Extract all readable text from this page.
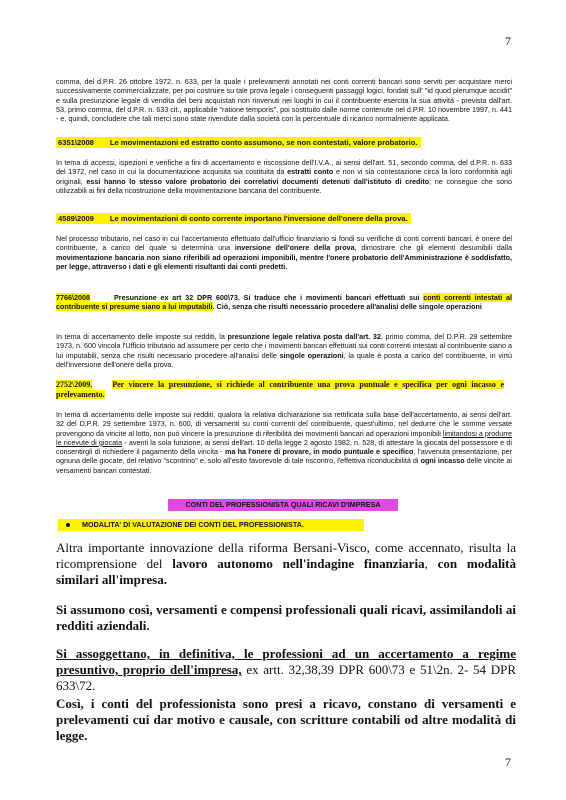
7

comma, del d.P.R. 26 ottobre 1972, n. 633, per la quale i prelevamenti annotati nei conti correnti bancari sono serviti per acquistare merci successivamente commercializzate, per poi costruire su tale prova legale i conseguenti passaggi logici, fondati sull' "id quod plerumque accidit" e sulla presunzione legale di vendita dei beni acquistati non rinvenuti nei luoghi in cui il contribuente esercita la sua attività - prevista dall'art. 53, primo comma, del d.P.R. n. 633 cit., applicabile "ratione temporis", poi sostituito dalle norme contenute nel d.P.R. 10 novembre 1997, n. 441 - e, quindi, concludere che tali merci sono state rivendute dalla società con la percentuale di ricarico normalmente applicata.

6351\2008 Le movimentazioni ed estratto conto assumono, se non contestati, valore probatorio.

In tema di accessi, ispezioni e verifiche a fini di accertamento e riscossione dell'I.V.A., ai sensi dell'art. 51, secondo comma, del d.P.R. n. 633 del 1972, nel caso in cui la documentazione acquisita sia costituita da estratti conto e non vi sia contestazione circa la loro conformità agli originali, essi hanno lo stesso valore probatorio dei correlativi documenti detenuti dall'istituto di credito; ne consegue che sono utilizzabili ai fini della ricostruzione della movimentazione bancaria del contribuente.

4589\2009 Le movimentazioni di conto corrente importano l'inversione dell'onere della prova.

Nel processo tributario, nel caso in cui l'accertamento effettuato dall'ufficio finanziario si fondi su verifiche di conti correnti bancari, è onere del contribuente, a carico del quale si determina una inversione dell'onere della prova, dimostrare che gli elementi desumibili dalla movimentazione bancaria non siano riferibili ad operazioni imponibili, mentre l'onere probatorio dell'Amministrazione è soddisfatto, per legge, attraverso i dati e gli elementi risultanti dai conti predetti.

7766\2008	Presunzione ex art 32 DPR 600\73. Si traduce che i movimenti bancari effettuati sui conti correnti intestati al contribuente si presume siano a lui imputabili. Ciò, senza che risulti necessario procedere all'analisi delle singole operazioni

In tema di accertamento delle imposte sui redditi, la presunzione legale relativa posta dall'art. 32, primo comma, del D.P.R. 29 settembre 1973, n. 600 vincola l'Ufficio tributario ad assumere per certo che i movimenti bancari effettuati sui conti correnti intestati al contribuente siano a lui imputabili, senza che risulti necessario procedere all'analisi delle singole operazioni, la quale è posta a carico del contribuente, in virtù dell'inversione dell'onere della prova.

2752\2009.	Per vincere la presunzione, si richiede al contribuente una prova puntuale e specifica per ogni incasso e prelevamento.

In tema di accertamento delle imposte sui redditi, qualora la relativa dichiarazione sia rettificata sulla base dell'accertamento, ai sensi dell'art. 32 del D.P.R. 29 settembre 1973, n. 600, di versamenti su conti correnti del contribuente, quest'ultimo, nel dedurre che le somme versate provengono da vincite al lotto, non può vincere la presunzione di riferibilità dei movimenti bancari ad operazioni imponibili limitandosi a produrre le ricevute di giocata - aventi la sola funzione, ai sensi dell'art. 10 della legge 2 agosto 1982, n. 528, di attestare la giocata del possessore e di consentirgli di richiedere il pagamento della vincita - ma ha l'onere di provare, in modo puntuale e specifico, l'avvenuta presentazione, per ognuna delle giocate, del relativo "scontrino" e, solo all'esito favorevole di tale riscontro, l'effettiva riconducibilità di ogni incasso delle vincite ai versamenti bancari contestati.

CONTI DEL PROFESSIONISTA QUALI RICAVI D'IMPRESA
MODALITA' DI VALUTAZIONE DEI CONTI DEL PROFESSIONISTA.

Altra importante innovazione della riforma Bersani-Visco, come accennato, risulta la ricomprensione del lavoro autonomo nell'indagine finanziaria, con modalità similari all'impresa.

Si assumono così, versamenti e compensi professionali quali ricavi, assimilandoli ai redditi aziendali.

Si assoggettano, in definitiva, le professioni ad un accertamento a regime presuntivo, proprio dell'impresa, ex artt. 32,38,39 DPR 600\73 e 51\2n. 2- 54 DPR 633\72.

Così, i conti del professionista sono presi a ricavo, constano di versamenti e prelevamenti cui dar motivo e causale, con scritture contabili od altre modalità di legge.

7
